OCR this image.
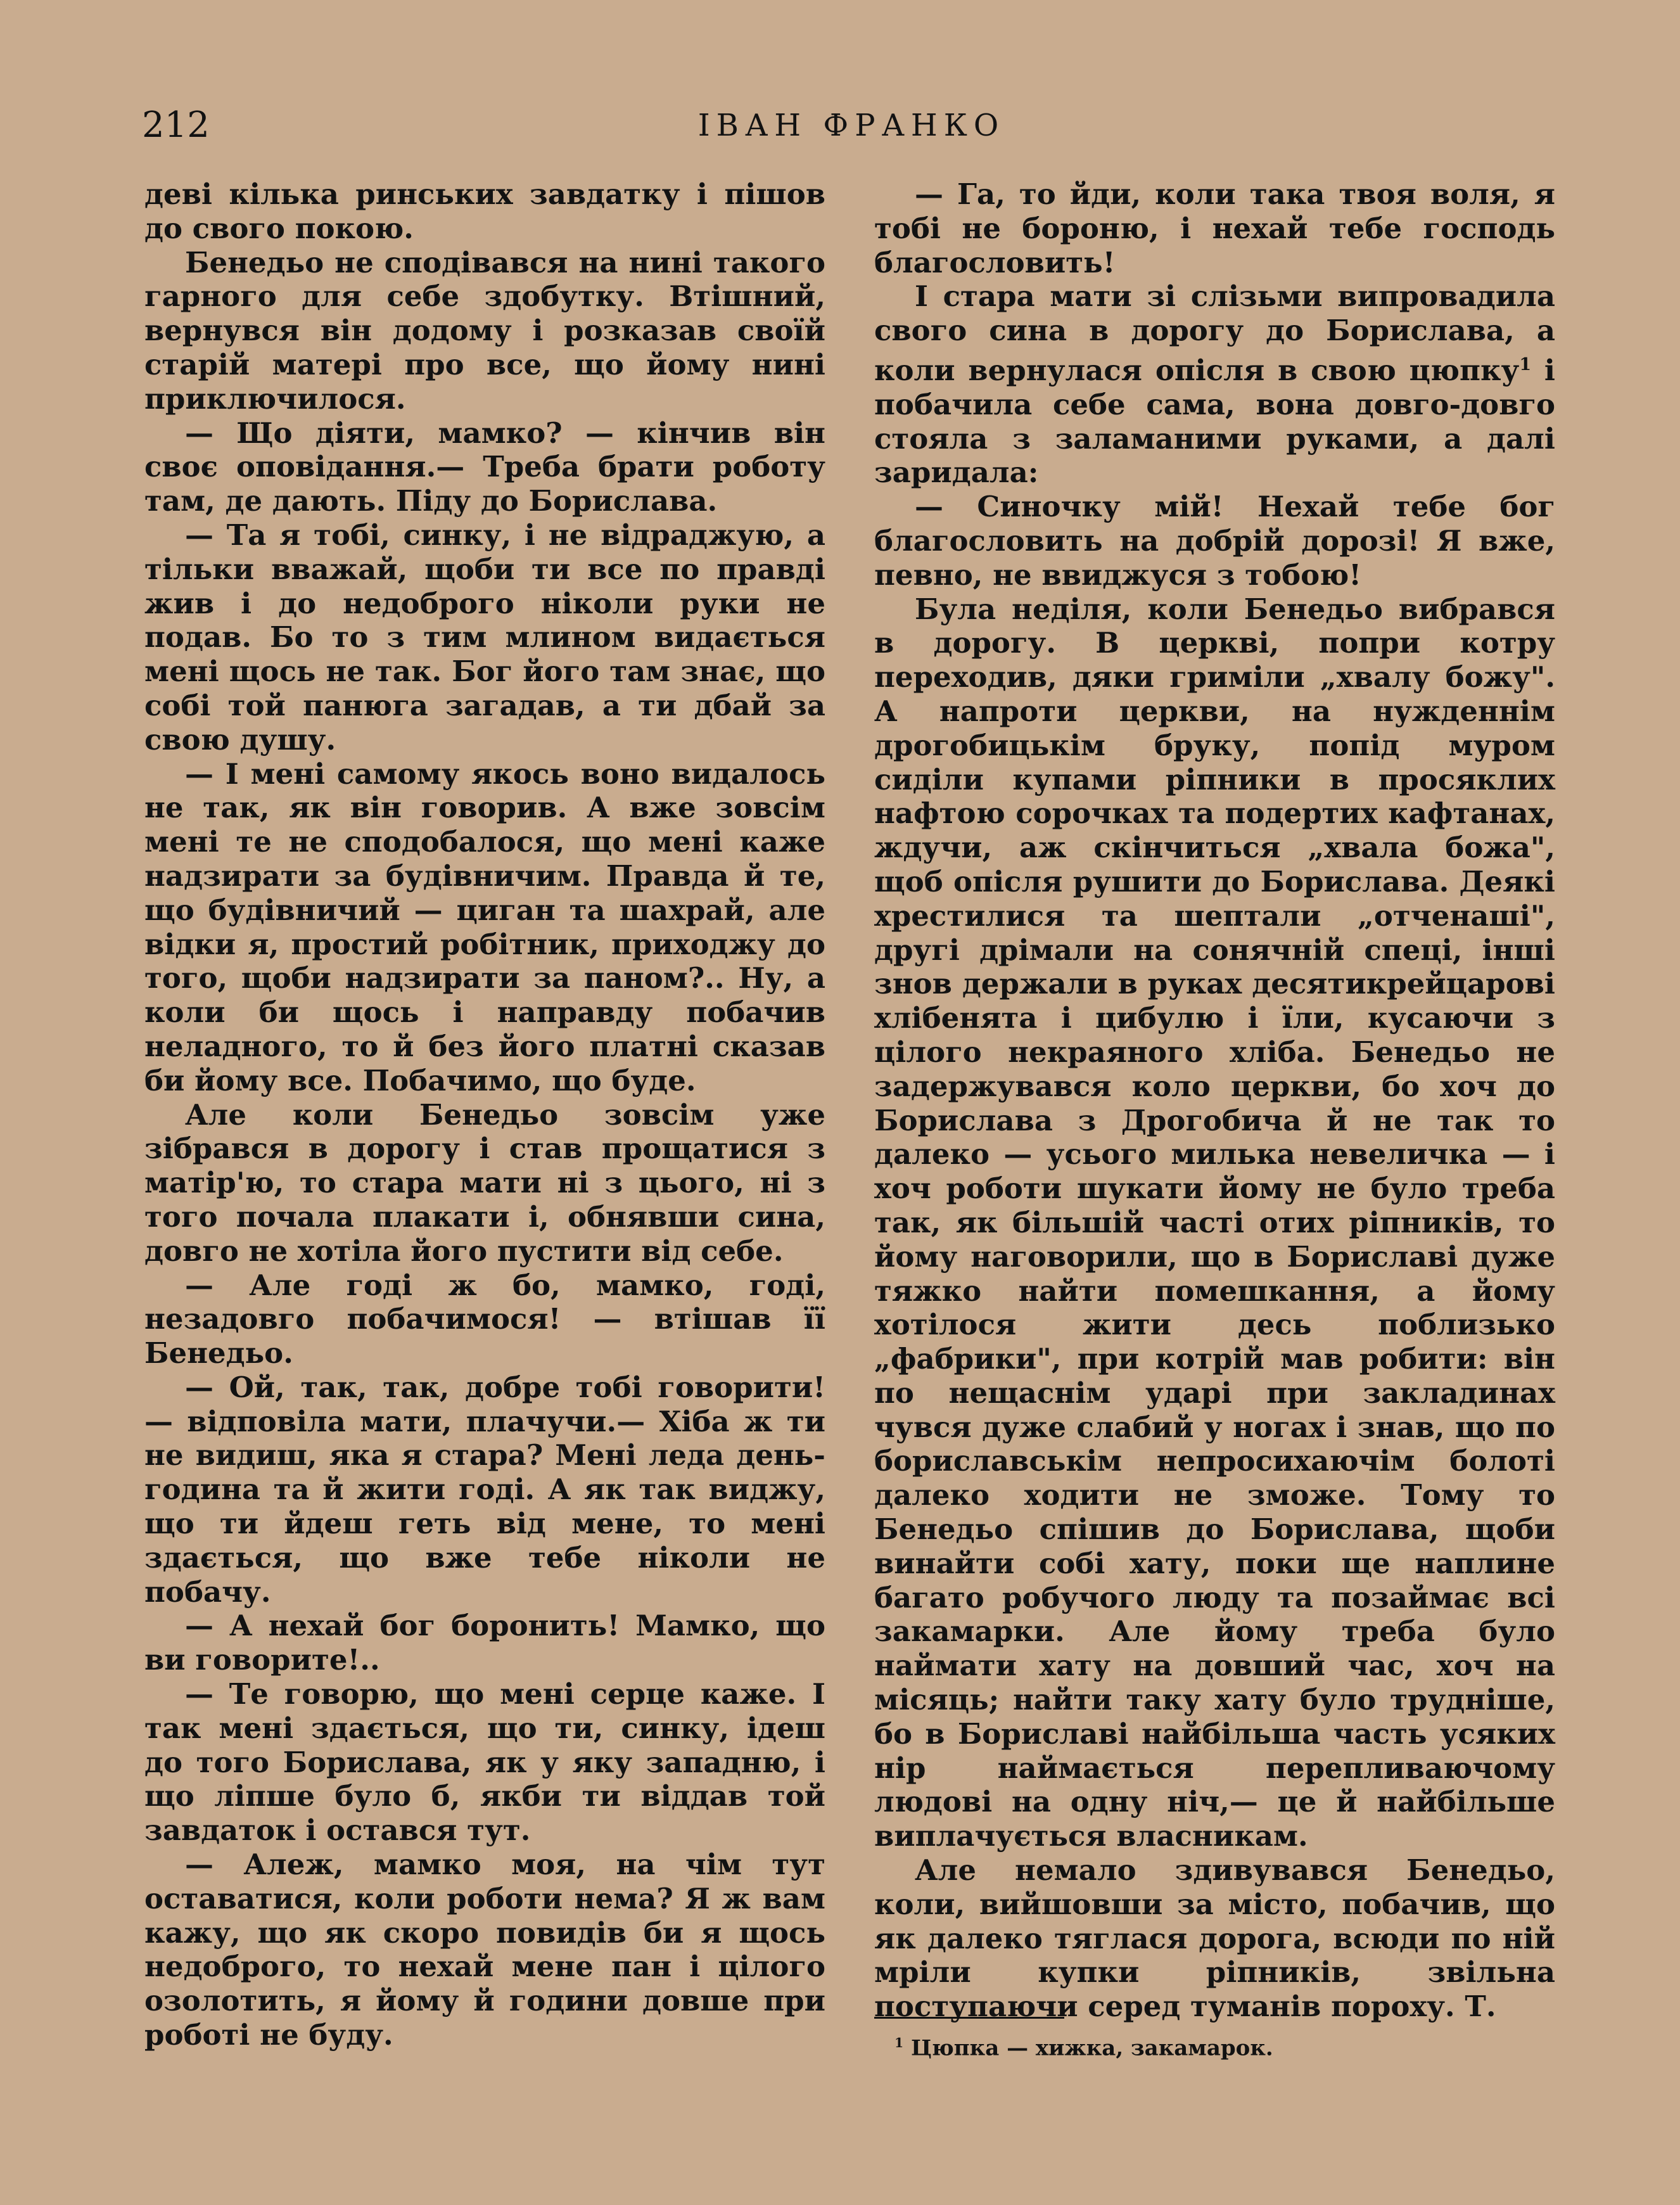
212	ІВАН ФРАНКО

деві кілька ринських завдатку і пішов до свого покою.

Бенедьо не сподівався на нині такого гарного для себе здобутку. Втішний, вернувся він додому і розказав своїй старій матері про все, що йому нині приключилося.

— Що діяти, мамко? — кінчив він своє оповідання.— Треба брати роботу там, де дають. Піду до Борислава.

— Та я тобі, синку, і не відраджую, а тільки вважай, щоби ти все по правді жив і до недоброго ніколи руки не подав. Бо то з тим млином видається мені щось не так. Бог його там знає, що собі той панюга загадав, а ти дбай за свою душу.

— І мені самому якось воно видалось не так, як він говорив. А вже зовсім мені те не сподобалося, що мені каже надзирати за будівничим. Правда й те, що будівничий — циган та шахрай, але відки я, простий робітник, приходжу до того, щоби надзирати за паном?.. Ну, а коли би щось і направду побачив неладного, то й без його платні сказав би йому все. Побачимо, що буде.

Але коли Бенедьо зовсім уже зібрався в дорогу і став прощатися з матір'ю, то стара мати ні з цього, ні з того почала плакати і, обнявши сина, довго не хотіла його пустити від себе.

— Але годі ж бо, мамко, годі, незадовго побачимося! — втішав її Бенедьо.

— Ой, так, так, добре тобі говорити! — відповіла мати, плачучи.— Хіба ж ти не видиш, яка я стара? Мені леда день-година та й жити годі. А як так виджу, що ти йдеш геть від мене, то мені здається, що вже тебе ніколи не побачу.

— А нехай бог боронить! Мамко, що ви говорите!..

— Те говорю, що мені серце каже. І так мені здається, що ти, синку, ідеш до того Борислава, як у яку западню, і що ліпше було б, якби ти віддав той завдаток і остався тут.

— Алеж, мамко моя, на чім тут оставатися, коли роботи нема? Я ж вам кажу, що як скоро повидів би я щось недоброго, то нехай мене пан і цілого озолотить, я йому й години довше при роботі не буду.

— Га, то йди, коли така твоя воля, я тобі не бороню, і нехай тебе господь благословить!

І стара мати зі слізьми випровадила свого сина в дорогу до Борислава, а коли вернулася опісля в свою цюпку$^1$ і побачила себе сама, вона довго-довго стояла з заламаними руками, а далі заридала:

— Синочку мій! Нехай тебе бог благословить на добрій дорозі! Я вже, певно, не ввиджуся з тобою!

Була неділя, коли Бенедьо вибрався в дорогу. В церкві, попри котру переходив, дяки гриміли „хвалу божу". А напроти церкви, на нужденнім дрогобицькім бруку, попід муром сиділи купами ріпники в просяклих нафтою сорочках та подертих кафтанах, ждучи, аж скінчиться „хвала божа", щоб опісля рушити до Борислава. Деякі хрестилися та шептали „отченаші", другі дрімали на сонячній спеці, інші знов держали в руках десятикрейцарові хлібенята і цибулю і їли, кусаючи з цілого некраяного хліба. Бенедьо не задержувався коло церкви, бо хоч до Борислава з Дрогобича й не так то далеко — усього милька невеличка — і хоч роботи шукати йому не було треба так, як більшій часті отих ріпників, то йому наговорили, що в Бориславі дуже тяжко найти помешкання, а йому хотілося жити десь поблизько „фабрики", при котрій мав робити: він по нещаснім ударі при закладинах чувся дуже слабий у ногах і знав, що по бориславськім непросихаючім болоті далеко ходити не зможе. Тому то Бенедьо спішив до Борислава, щоби винайти собі хату, поки ще наплине багато робучого люду та позаймає всі закамарки. Але йому треба було наймати хату на довший час, хоч на місяць; найти таку хату було трудніше, бо в Бориславі найбільша часть усяких нір наймається перепливаючому людові на одну ніч,— це й найбільше виплачується власникам.

Але немало здивувався Бенедьо, коли, вийшовши за місто, побачив, що як далеко тяглася дорога, всюди по ній мріли купки ріпників, звільна поступаючи серед туманів пороху. Т.

$^1$ Цюпка — хижка, закамарок.
